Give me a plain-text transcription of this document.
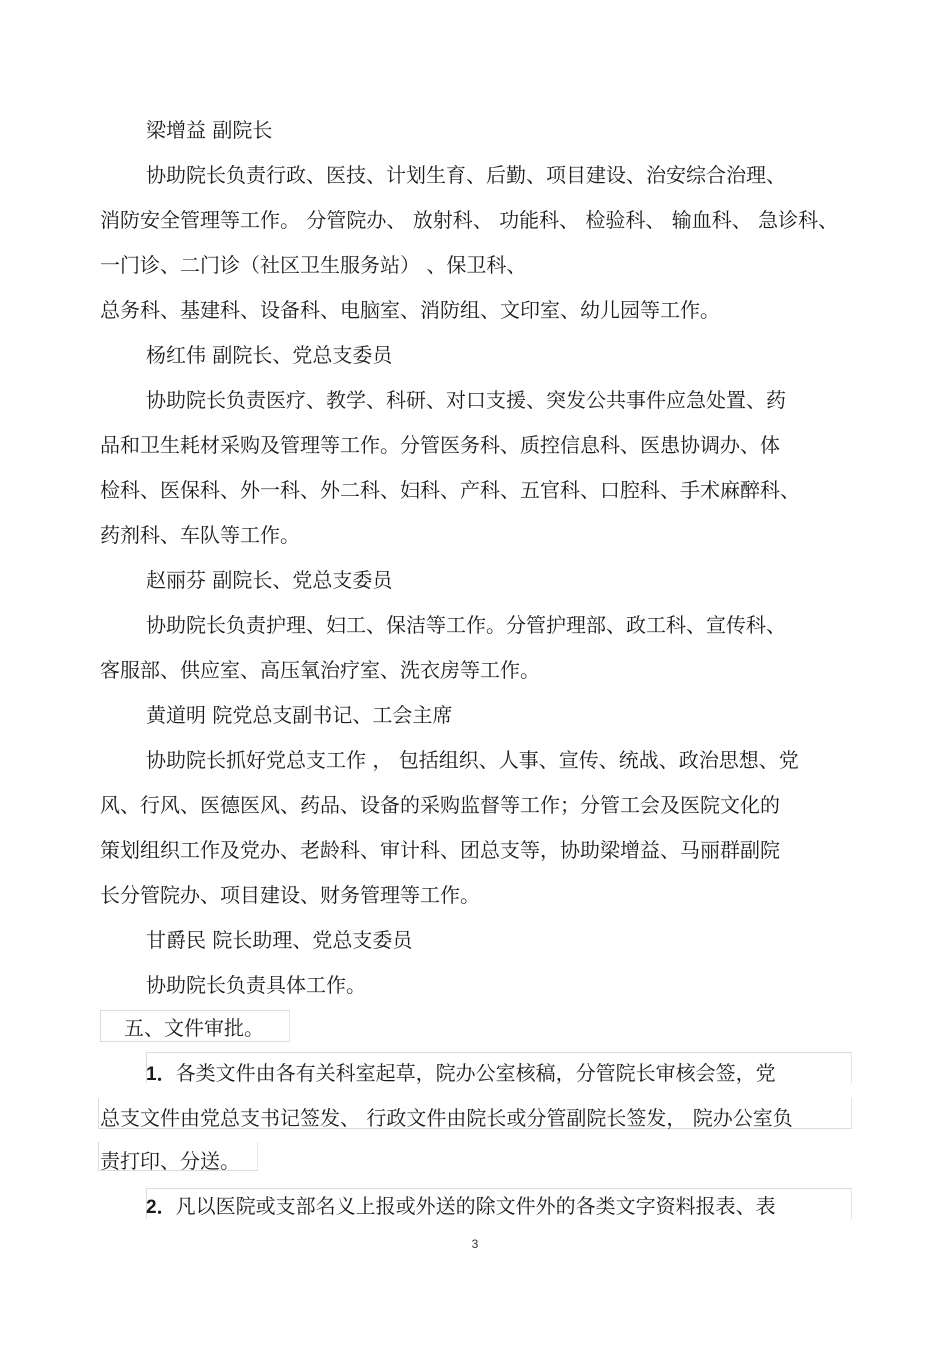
梁增益 副院长
协助院长负责行政、医技、计划生育、后勤、项目建设、治安综合治理、
消防安全管理等工作。 分管院办、 放射科、 功能科、 检验科、 输血科、 急诊科、
一门诊、二门诊（社区卫生服务站） 、保卫科、
总务科、基建科、设备科、电脑室、消防组、文印室、幼儿园等工作。
杨红伟 副院长、党总支委员
协助院长负责医疗、教学、科研、对口支援、突发公共事件应急处置、药
品和卫生耗材采购及管理等工作。分管医务科、质控信息科、医患协调办、体
检科、医保科、外一科、外二科、妇科、产科、五官科、口腔科、手术麻醉科、
药剂科、车队等工作。
赵丽芬 副院长、党总支委员
协助院长负责护理、妇工、保洁等工作。分管护理部、政工科、宣传科、
客服部、供应室、高压氧治疗室、洗衣房等工作。
黄道明 院党总支副书记、工会主席
协助院长抓好党总支工作 ， 包括组织、人事、宣传、统战、政治思想、党
风、行风、医德医风、药品、设备的采购监督等工作；分管工会及医院文化的
策划组织工作及党办、老龄科、审计科、团总支等，协助梁增益、马丽群副院
长分管院办、项目建设、财务管理等工作。
甘爵民 院长助理、党总支委员
协助院长负责具体工作。
五、文件审批。
1．各类文件由各有关科室起草，院办公室核稿，分管院长审核会签，党
总支文件由党总支书记签发、 行政文件由院长或分管副院长签发， 院办公室负
责打印、分送。
2．凡以医院或支部名义上报或外送的除文件外的各类文字资料报表、表
3
